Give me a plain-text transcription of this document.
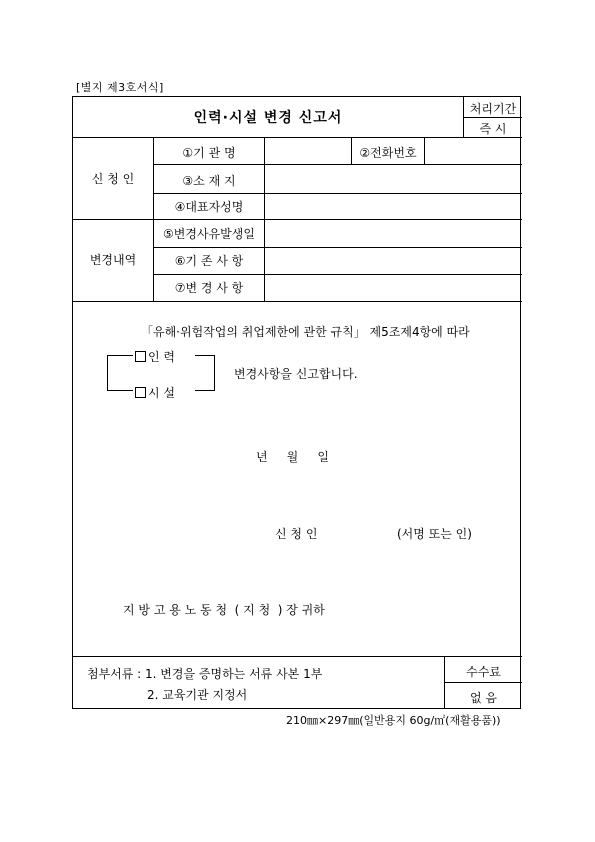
[별지 제3호서식]
인력·시설 변경 신고서
처리기간
즉 시
신 청 인
①기 관 명	②전화번호
③소 재 지
④대표자성명
변경내역
⑤변경사유발생일
⑥기 존 사 항
⑦변 경 사 항
「유해·위험작업의 취업제한에 관한 규칙」 제5조제4항에 따라
인 력
시 설
변경사항을 신고합니다.
년     월     일
신 청 인	(서명 또는 인)
지 방 고 용 노 동 청  ( 지 청  ) 장 귀하
첨부서류 : 1. 변경을 증명하는 서류 사본 1부
2. 교육기관 지정서
수수료
없 음
210㎜×297㎜(일반용지 60g/㎡(재활용품))
